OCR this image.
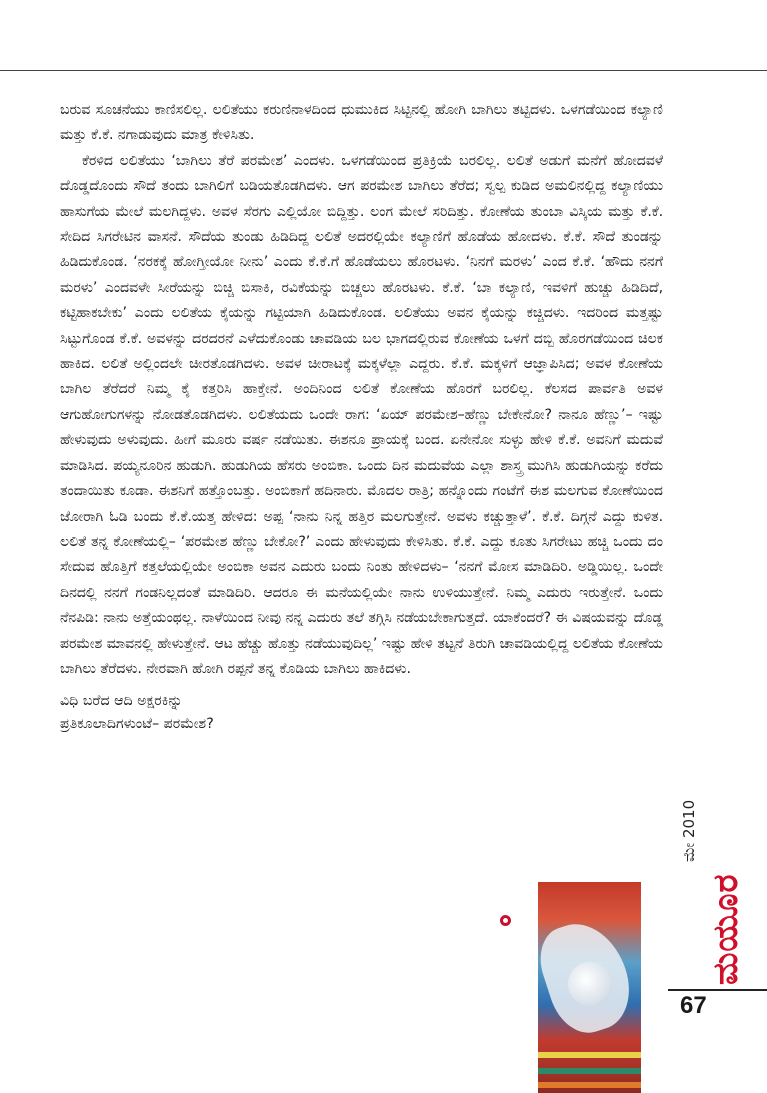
ಬರುವ ಸೂಚನೆಯು ಕಾಣಿಸಲಿಲ್ಲ. ಲಲಿತೆಯು ಕರುಣಿನಾಳದಿಂದ ಧುಮುಕಿದ ಸಿಟ್ಟಿನಲ್ಲಿ ಹೋಗಿ ಬಾಗಿಲು ತಟ್ಟಿದಳು. ಒಳಗಡೆಯಿಂದ ಕಲ್ಯಾಣಿ ಮತ್ತು ಕೆ.ಕೆ. ನಗಾಡುವುದು ಮಾತ್ರ ಕೇಳಿಸಿತು.

ಕೆರಳಿದ ಲಲಿತೆಯು ‘ಬಾಗಿಲು ತೆರೆ ಪರಮೇಶ’ ಎಂದಳು. ಒಳಗಡೆಯಿಂದ ಪ್ರತಿಕ್ರಿಯೆ ಬರಲಿಲ್ಲ. ಲಲಿತೆ ಅಡುಗೆ ಮನೆಗೆ ಹೋದವಳೆ ದೊಡ್ಡದೊಂದು ಸೌದೆ ತಂದು ಬಾಗಿಲಿಗೆ ಬಡಿಯತೊಡಗಿದಳು. ಆಗ ಪರಮೇಶ ಬಾಗಿಲು ತೆರೆದ; ಸ್ವಲ್ಪ ಕುಡಿದ ಅಮಲಿನಲ್ಲಿದ್ದ ಕಲ್ಯಾಣಿಯು ಹಾಸುಗೆಯ ಮೇಲೆ ಮಲಗಿದ್ದಳು. ಅವಳ ಸೆರಗು ಎಲ್ಲಿಯೋ ಬಿದ್ದಿತ್ತು. ಲಂಗ ಮೇಲೆ ಸರಿದಿತ್ತು. ಕೋಣೆಯ ತುಂಬಾ ವಿಸ್ಕಿಯ ಮತ್ತು ಕೆ.ಕೆ. ಸೇದಿದ ಸಿಗರೇಟಿನ ವಾಸನೆ. ಸೌದೆಯ ತುಂಡು ಹಿಡಿದಿದ್ದ ಲಲಿತೆ ಅದರಲ್ಲಿಯೇ ಕಲ್ಯಾಣಿಗೆ ಹೊಡೆಯ ಹೋದಳು. ಕೆ.ಕೆ. ಸೌದೆ ತುಂಡನ್ನು ಹಿಡಿದುಕೊಂಡ. ‘ನರಕಕ್ಕೆ ಹೋಗ್ತೀಯೋ ನೀನು’ ಎಂದು ಕೆ.ಕೆ.ಗೆ ಹೊಡೆಯಲು ಹೊರಟಳು. ‘ನಿನಗೆ ಮರಳು’ ಎಂದ ಕೆ.ಕೆ. ‘ಹೌದು ನನಗೆ ಮರಳು’ ಎಂದವಳೇ ಸೀರೆಯನ್ನು ಬಿಚ್ಚಿ ಬಿಸಾಕಿ, ರವಿಕೆಯನ್ನು ಬಿಚ್ಚಲು ಹೊರಟಳು. ಕೆ.ಕೆ. ‘ಬಾ ಕಲ್ಯಾಣಿ, ಇವಳಿಗೆ ಹುಚ್ಚು ಹಿಡಿದಿದೆ, ಕಟ್ಟಿಹಾಕಬೇಕು’ ಎಂದು ಲಲಿತೆಯ ಕೈಯನ್ನು ಗಟ್ಟಿಯಾಗಿ ಹಿಡಿದುಕೊಂಡ. ಲಲಿತೆಯು ಅವನ ಕೈಯನ್ನು ಕಚ್ಚಿದಳು. ಇದರಿಂದ ಮತ್ತಷ್ಟು ಸಿಟ್ಟುಗೊಂಡ ಕೆ.ಕೆ. ಅವಳನ್ನು ದರದರನೆ ಎಳೆದುಕೊಂಡು ಚಾವಡಿಯ ಬಲ ಭಾಗದಲ್ಲಿರುವ ಕೋಣೆಯ ಒಳಗೆ ದಬ್ಬಿ ಹೊರಗಡೆಯಿಂದ ಚಿಲಕ ಹಾಕಿದ. ಲಲಿತೆ ಅಲ್ಲಿಂದಲೇ ಚೀರತೊಡಗಿದಳು. ಅವಳ ಚೀರಾಟಕ್ಕೆ ಮಕ್ಕಳೆಲ್ಲಾ ಎದ್ದರು. ಕೆ.ಕೆ. ಮಕ್ಕಳಿಗೆ ಆಜ್ಞಾಪಿಸಿದ; ಅವಳ ಕೋಣೆಯ ಬಾಗಿಲ ತೆರೆದರೆ ನಿಮ್ಮ ಕೈ ಕತ್ತರಿಸಿ ಹಾಕ್ತೇನೆ. ಅಂದಿನಿಂದ ಲಲಿತೆ ಕೋಣೆಯ ಹೊರಗೆ ಬರಲಿಲ್ಲ. ಕೆಲಸದ ಪಾರ್ವತಿ ಅವಳ ಆಗುಹೋಗುಗಳನ್ನು ನೋಡತೊಡಗಿದಳು. ಲಲಿತೆಯದು ಒಂದೇ ರಾಗ: ‘ಏಯ್ ಪರಮೇಶ–ಹೆಣ್ಣು ಬೇಕೇನೋ? ನಾನೂ ಹೆಣ್ಣು’– ಇಷ್ಟು ಹೇಳುವುದು ಅಳುವುದು. ಹೀಗೆ ಮೂರು ವರ್ಷ ನಡೆಯಿತು. ಈಶನೂ ಪ್ರಾಯಕ್ಕೆ ಬಂದ. ಏನೇನೋ ಸುಳ್ಳು ಹೇಳಿ ಕೆ.ಕೆ. ಅವನಿಗೆ ಮದುವೆ ಮಾಡಿಸಿದ. ಪಯ್ಯನೂರಿನ ಹುಡುಗಿ. ಹುಡುಗಿಯ ಹೆಸರು ಅಂಬಿಕಾ. ಒಂದು ದಿನ ಮದುವೆಯ ಎಲ್ಲಾ ಶಾಸ್ತ್ರ ಮುಗಿಸಿ ಹುಡುಗಿಯನ್ನು ಕರೆದು ತಂದಾಯಿತು ಕೂಡಾ. ಈಶನಿಗೆ ಹತ್ತೊಂಬತ್ತು. ಅಂಬಿಕಾಗೆ ಹದಿನಾರು. ಮೊದಲ ರಾತ್ರಿ; ಹನ್ನೊಂದು ಗಂಟೆಗೆ ಈಶ ಮಲಗುವ ಕೋಣೆಯಿಂದ ಜೋರಾಗಿ ಓಡಿ ಬಂದು ಕೆ.ಕೆ.ಯತ್ತ ಹೇಳಿದ: ಅಪ್ಪ ‘ನಾನು ನಿನ್ನ ಹತ್ತಿರ ಮಲಗುತ್ತೇನೆ. ಅವಳು ಕಚ್ಚುತ್ತಾಳೆ’. ಕೆ.ಕೆ. ದಿಗ್ಗನೆ ಎದ್ದು ಕುಳಿತ. ಲಲಿತೆ ತನ್ನ ಕೋಣೆಯಲ್ಲಿ– ‘ಪರಮೇಶ ಹೆಣ್ಣು ಬೇಕೋ?’ ಎಂದು ಹೇಳುವುದು ಕೇಳಿಸಿತು. ಕೆ.ಕೆ. ಎದ್ದು ಕೂತು ಸಿಗರೇಟು ಹಚ್ಚಿ ಒಂದು ದಂ ಸೇದುವ ಹೊತ್ತಿಗೆ ಕತ್ತಲೆಯಲ್ಲಿಯೇ ಅಂಬಿಕಾ ಅವನ ಎದುರು ಬಂದು ನಿಂತು ಹೇಳಿದಳು– ‘ನನಗೆ ಮೋಸ ಮಾಡಿದಿರಿ. ಅಡ್ಡಿಯಿಲ್ಲ. ಒಂದೇ ದಿನದಲ್ಲಿ ನನಗೆ ಗಂಡನಿಲ್ಲದಂತೆ ಮಾಡಿದಿರಿ. ಆದರೂ ಈ ಮನೆಯಲ್ಲಿಯೇ ನಾನು ಉಳಿಯುತ್ತೇನೆ. ನಿಮ್ಮ ಎದುರು ಇರುತ್ತೇನೆ. ಒಂದು ನೆನಪಿಡಿ: ನಾನು ಅತ್ತೆಯಂಥಲ್ಲ. ನಾಳೆಯಿಂದ ನೀವು ನನ್ನ ಎದುರು ತಲೆ ತಗ್ಗಿಸಿ ನಡೆಯಬೇಕಾಗುತ್ತದೆ. ಯಾಕೆಂದರೆ? ಈ ವಿಷಯವನ್ನು ದೊಡ್ಡ ಪರಮೇಶ ಮಾವನಲ್ಲಿ ಹೇಳುತ್ತೇನೆ. ಆಟ ಹೆಚ್ಚು ಹೊತ್ತು ನಡೆಯುವುದಿಲ್ಲ’ ಇಷ್ಟು ಹೇಳಿ ತಟ್ಟನೆ ತಿರುಗಿ ಚಾವಡಿಯಲ್ಲಿದ್ದ ಲಲಿತೆಯ ಕೋಣೆಯ ಬಾಗಿಲು ತೆರೆದಳು. ನೇರವಾಗಿ ಹೋಗಿ ರಪ್ಪನೆ ತನ್ನ ಕೊಡಿಯ ಬಾಗಿಲು ಹಾಕಿದಳು.

ವಿಧಿ ಬರೆದ ಆದಿ ಅಕ್ಷರಕಿನ್ನು
ಪ್ರತಿಕೂಲಾದಿಗಳುಂಟೆ– ಪರಮೇಶ?
ಮೇ 2010
ಮಯೂರ
67
